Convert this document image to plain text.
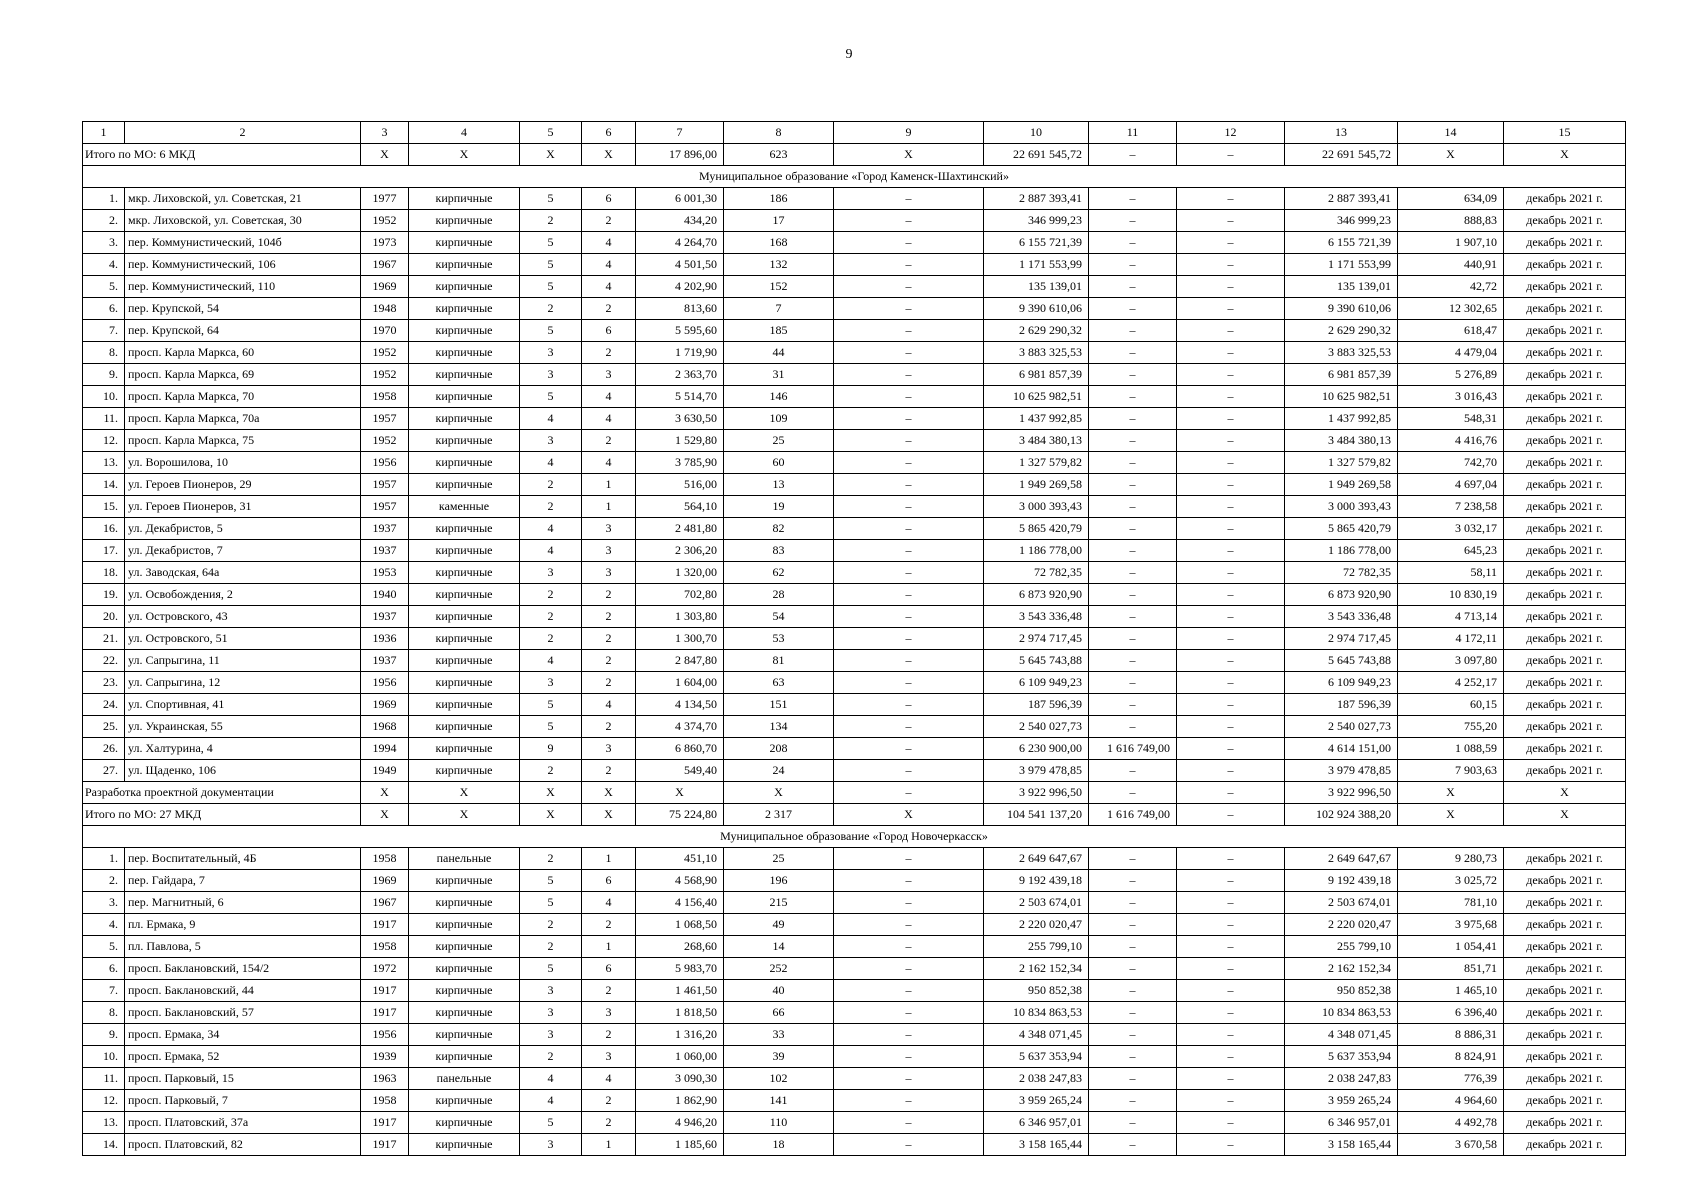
9
1	2	3	4	5	6	7	8	9	10	11	12	13	14	15
Итого по МО: 6 МКД		X	X	X	X	17 896,00	623	X	22 691 545,72	–	–	22 691 545,72	X	X
Муниципальное образование «Город Каменск-Шахтинский»														
1.	мкр. Лиховской, ул. Советская, 21	1977	кирпичные	5	6	6 001,30	186	–	2 887 393,41	–	–	2 887 393,41	634,09	декабрь 2021 г.
2.	мкр. Лиховской, ул. Советская, 30	1952	кирпичные	2	2	434,20	17	–	346 999,23	–	–	346 999,23	888,83	декабрь 2021 г.
3.	пер. Коммунистический, 104б	1973	кирпичные	5	4	4 264,70	168	–	6 155 721,39	–	–	6 155 721,39	1 907,10	декабрь 2021 г.
4.	пер. Коммунистический, 106	1967	кирпичные	5	4	4 501,50	132	–	1 171 553,99	–	–	1 171 553,99	440,91	декабрь 2021 г.
5.	пер. Коммунистический, 110	1969	кирпичные	5	4	4 202,90	152	–	135 139,01	–	–	135 139,01	42,72	декабрь 2021 г.
6.	пер. Крупской, 54	1948	кирпичные	2	2	813,60	7	–	9 390 610,06	–	–	9 390 610,06	12 302,65	декабрь 2021 г.
7.	пер. Крупской, 64	1970	кирпичные	5	6	5 595,60	185	–	2 629 290,32	–	–	2 629 290,32	618,47	декабрь 2021 г.
8.	просп. Карла Маркса, 60	1952	кирпичные	3	2	1 719,90	44	–	3 883 325,53	–	–	3 883 325,53	4 479,04	декабрь 2021 г.
9.	просп. Карла Маркса, 69	1952	кирпичные	3	3	2 363,70	31	–	6 981 857,39	–	–	6 981 857,39	5 276,89	декабрь 2021 г.
10.	просп. Карла Маркса, 70	1958	кирпичные	5	4	5 514,70	146	–	10 625 982,51	–	–	10 625 982,51	3 016,43	декабрь 2021 г.
11.	просп. Карла Маркса, 70а	1957	кирпичные	4	4	3 630,50	109	–	1 437 992,85	–	–	1 437 992,85	548,31	декабрь 2021 г.
12.	просп. Карла Маркса, 75	1952	кирпичные	3	2	1 529,80	25	–	3 484 380,13	–	–	3 484 380,13	4 416,76	декабрь 2021 г.
13.	ул. Ворошилова, 10	1956	кирпичные	4	4	3 785,90	60	–	1 327 579,82	–	–	1 327 579,82	742,70	декабрь 2021 г.
14.	ул. Героев Пионеров, 29	1957	кирпичные	2	1	516,00	13	–	1 949 269,58	–	–	1 949 269,58	4 697,04	декабрь 2021 г.
15.	ул. Героев Пионеров, 31	1957	каменные	2	1	564,10	19	–	3 000 393,43	–	–	3 000 393,43	7 238,58	декабрь 2021 г.
16.	ул. Декабристов, 5	1937	кирпичные	4	3	2 481,80	82	–	5 865 420,79	–	–	5 865 420,79	3 032,17	декабрь 2021 г.
17.	ул. Декабристов, 7	1937	кирпичные	4	3	2 306,20	83	–	1 186 778,00	–	–	1 186 778,00	645,23	декабрь 2021 г.
18.	ул. Заводская, 64а	1953	кирпичные	3	3	1 320,00	62	–	72 782,35	–	–	72 782,35	58,11	декабрь 2021 г.
19.	ул. Освобождения, 2	1940	кирпичные	2	2	702,80	28	–	6 873 920,90	–	–	6 873 920,90	10 830,19	декабрь 2021 г.
20.	ул. Островского, 43	1937	кирпичные	2	2	1 303,80	54	–	3 543 336,48	–	–	3 543 336,48	4 713,14	декабрь 2021 г.
21.	ул. Островского, 51	1936	кирпичные	2	2	1 300,70	53	–	2 974 717,45	–	–	2 974 717,45	4 172,11	декабрь 2021 г.
22.	ул. Сапрыгина, 11	1937	кирпичные	4	2	2 847,80	81	–	5 645 743,88	–	–	5 645 743,88	3 097,80	декабрь 2021 г.
23.	ул. Сапрыгина, 12	1956	кирпичные	3	2	1 604,00	63	–	6 109 949,23	–	–	6 109 949,23	4 252,17	декабрь 2021 г.
24.	ул. Спортивная, 41	1969	кирпичные	5	4	4 134,50	151	–	187 596,39	–	–	187 596,39	60,15	декабрь 2021 г.
25.	ул. Украинская, 55	1968	кирпичные	5	2	4 374,70	134	–	2 540 027,73	–	–	2 540 027,73	755,20	декабрь 2021 г.
26.	ул. Халтурина, 4	1994	кирпичные	9	3	6 860,70	208	–	6 230 900,00	1 616 749,00	–	4 614 151,00	1 088,59	декабрь 2021 г.
27.	ул. Щаденко, 106	1949	кирпичные	2	2	549,40	24	–	3 979 478,85	–	–	3 979 478,85	7 903,63	декабрь 2021 г.
Разработка проектной документации		X	X	X	X	X	X	–	3 922 996,50	–	–	3 922 996,50	X	X
Итого по МО: 27 МКД		X	X	X	X	75 224,80	2 317	X	104 541 137,20	1 616 749,00	–	102 924 388,20	X	X
Муниципальное образование «Город Новочеркасск»														
1.	пер. Воспитательный, 4Б	1958	панельные	2	1	451,10	25	–	2 649 647,67	–	–	2 649 647,67	9 280,73	декабрь 2021 г.
2.	пер. Гайдара, 7	1969	кирпичные	5	6	4 568,90	196	–	9 192 439,18	–	–	9 192 439,18	3 025,72	декабрь 2021 г.
3.	пер. Магнитный, 6	1967	кирпичные	5	4	4 156,40	215	–	2 503 674,01	–	–	2 503 674,01	781,10	декабрь 2021 г.
4.	пл. Ермака, 9	1917	кирпичные	2	2	1 068,50	49	–	2 220 020,47	–	–	2 220 020,47	3 975,68	декабрь 2021 г.
5.	пл. Павлова, 5	1958	кирпичные	2	1	268,60	14	–	255 799,10	–	–	255 799,10	1 054,41	декабрь 2021 г.
6.	просп. Баклановский, 154/2	1972	кирпичные	5	6	5 983,70	252	–	2 162 152,34	–	–	2 162 152,34	851,71	декабрь 2021 г.
7.	просп. Баклановский, 44	1917	кирпичные	3	2	1 461,50	40	–	950 852,38	–	–	950 852,38	1 465,10	декабрь 2021 г.
8.	просп. Баклановский, 57	1917	кирпичные	3	3	1 818,50	66	–	10 834 863,53	–	–	10 834 863,53	6 396,40	декабрь 2021 г.
9.	просп. Ермака, 34	1956	кирпичные	3	2	1 316,20	33	–	4 348 071,45	–	–	4 348 071,45	8 886,31	декабрь 2021 г.
10.	просп. Ермака, 52	1939	кирпичные	2	3	1 060,00	39	–	5 637 353,94	–	–	5 637 353,94	8 824,91	декабрь 2021 г.
11.	просп. Парковый, 15	1963	панельные	4	4	3 090,30	102	–	2 038 247,83	–	–	2 038 247,83	776,39	декабрь 2021 г.
12.	просп. Парковый, 7	1958	кирпичные	4	2	1 862,90	141	–	3 959 265,24	–	–	3 959 265,24	4 964,60	декабрь 2021 г.
13.	просп. Платовский, 37а	1917	кирпичные	5	2	4 946,20	110	–	6 346 957,01	–	–	6 346 957,01	4 492,78	декабрь 2021 г.
14.	просп. Платовский, 82	1917	кирпичные	3	1	1 185,60	18	–	3 158 165,44	–	–	3 158 165,44	3 670,58	декабрь 2021 г.
